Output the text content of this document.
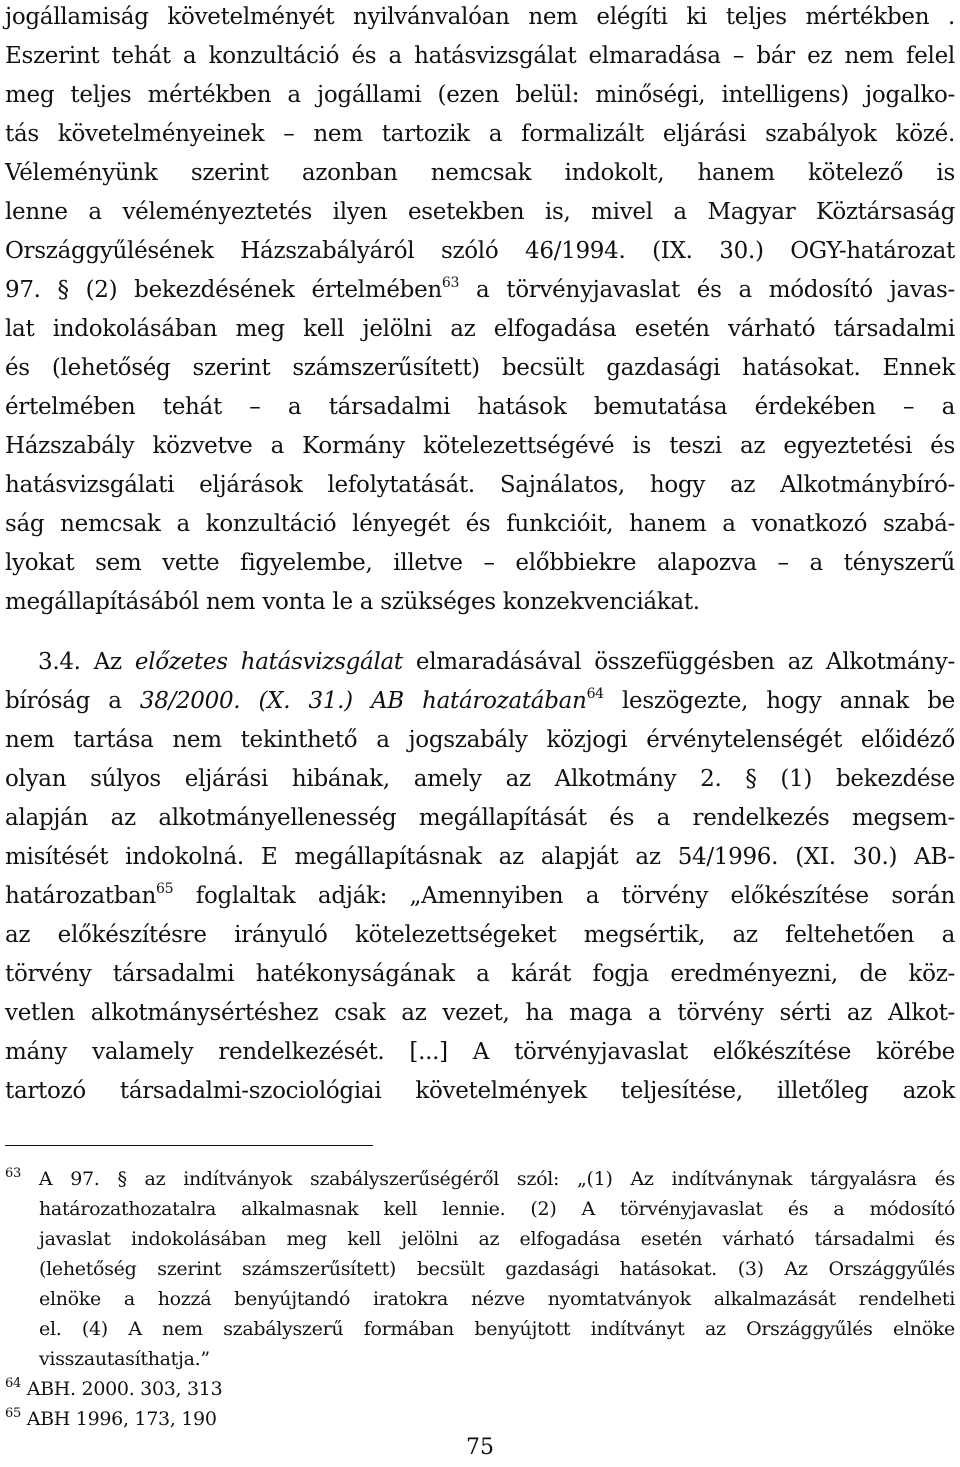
jogállamiság követelményét nyilvánvalóan nem elégíti ki teljes mértékben .
Eszerint tehát a konzultáció és a hatásvizsgálat elmaradása – bár ez nem felel
meg teljes mértékben a jogállami (ezen belül: minőségi, intelligens) jogalko-
tás követelményeinek – nem tartozik a formalizált eljárási szabályok közé.
Véleményünk szerint azonban nemcsak indokolt, hanem kötelező is
lenne a véleményeztetés ilyen esetekben is, mivel a Magyar Köztársaság
Országgyűlésének Házszabályáról szóló 46/1994. (IX. 30.) OGY-határozat
97. § (2) bekezdésének értelmében$^{63}$ a törvényjavaslat és a módosító javas-
lat indokolásában meg kell jelölni az elfogadása esetén várható társadalmi
és (lehetőség szerint számszerűsített) becsült gazdasági hatásokat. Ennek
értelmében tehát – a társadalmi hatások bemutatása érdekében – a
Házszabály közvetve a Kormány kötelezettségévé is teszi az egyeztetési és
hatásvizsgálati eljárások lefolytatását. Sajnálatos, hogy az Alkotmánybíró-
ság nemcsak a konzultáció lényegét és funkcióit, hanem a vonatkozó szabá-
lyokat sem vette figyelembe, illetve – előbbiekre alapozva – a tényszerű
megállapításából nem vonta le a szükséges konzekvenciákat.
3.4. Az előzetes hatásvizsgálat elmaradásával összefüggésben az Alkotmány-
bíróság a 38/2000. (X. 31.) AB határozatában$^{64}$ leszögezte, hogy annak be
nem tartása nem tekinthető a jogszabály közjogi érvénytelenségét előidéző
olyan súlyos eljárási hibának, amely az Alkotmány 2. § (1) bekezdése
alapján az alkotmányellenesség megállapítását és a rendelkezés megsem-
misítését indokolná. E megállapításnak az alapját az 54/1996. (XI. 30.) AB-
határozatban$^{65}$ foglaltak adják: „Amennyiben a törvény előkészítése során
az előkészítésre irányuló kötelezettségeket megsértik, az feltehetően a
törvény társadalmi hatékonyságának a kárát fogja eredményezni, de köz-
vetlen alkotmánysértéshez csak az vezet, ha maga a törvény sérti az Alkot-
mány valamely rendelkezését. [...] A törvényjavaslat előkészítése körébe
tartozó társadalmi-szociológiai követelmények teljesítése, illetőleg azok
$^{63}$ A 97. § az indítványok szabályszerűségéről szól: „(1) Az indítványnak tárgyalásra és
határozathozatalra alkalmasnak kell lennie. (2) A törvényjavaslat és a módosító
javaslat indokolásában meg kell jelölni az elfogadása esetén várható társadalmi és
(lehetőség szerint számszerűsített) becsült gazdasági hatásokat. (3) Az Országgyűlés
elnöke a hozzá benyújtandó iratokra nézve nyomtatványok alkalmazását rendelheti
el. (4) A nem szabályszerű formában benyújtott indítványt az Országgyűlés elnöke
visszautasíthatja.”
$^{64}$ ABH. 2000. 303, 313
$^{65}$ ABH 1996, 173, 190
75
